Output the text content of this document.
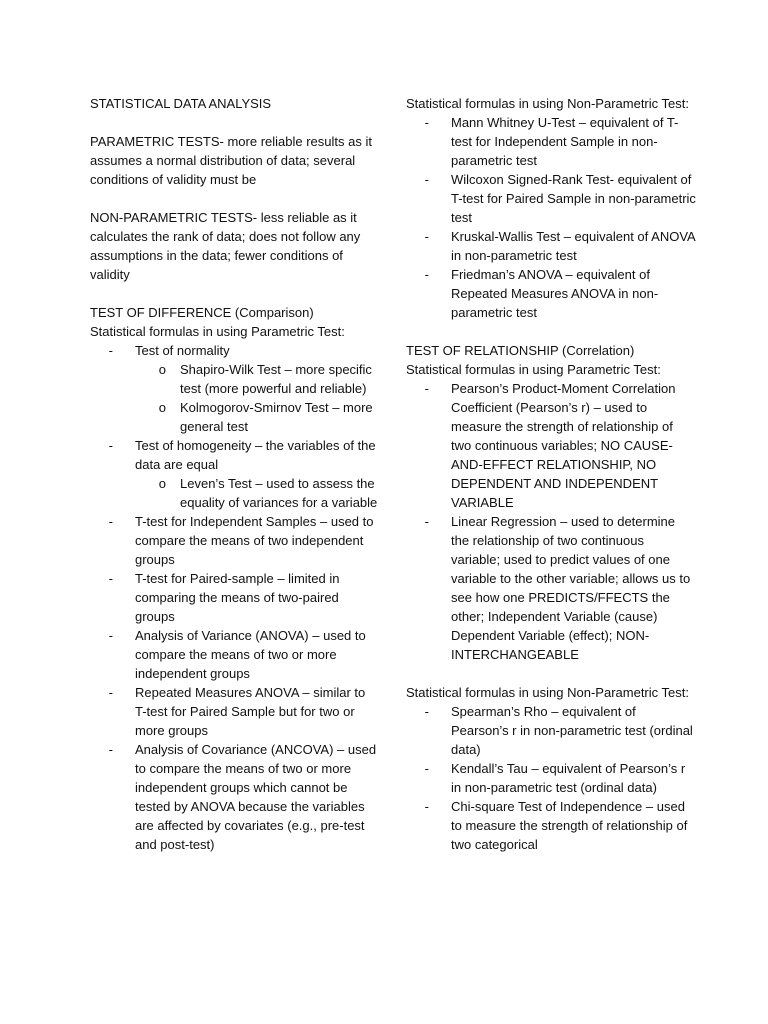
STATISTICAL DATA ANALYSIS

PARAMETRIC TESTS- more reliable results as it assumes a normal distribution of data; several conditions of validity must be

NON-PARAMETRIC TESTS- less reliable as it calculates the rank of data; does not follow any assumptions in the data; fewer conditions of validity

TEST OF DIFFERENCE (Comparison)

Statistical formulas in using Parametric Test:

-	Test of normality
o	Shapiro-Wilk Test – more specific test (more powerful and reliable)
o	Kolmogorov-Smirnov Test – more general test
-	Test of homogeneity – the variables of the data are equal
o	Leven’s Test – used to assess the equality of variances for a variable
-	T-test for Independent Samples – used to compare the means of two independent groups
-	T-test for Paired-sample – limited in comparing the means of two-paired groups
-	Analysis of Variance (ANOVA) – used to compare the means of two or more independent groups
-	Repeated Measures ANOVA – similar to T-test for Paired Sample but for two or more groups
-	Analysis of Covariance (ANCOVA) – used to compare the means of two or more independent groups which cannot be tested by ANOVA because the variables are affected by covariates (e.g., pre-test and post-test)

Statistical formulas in using Non-Parametric Test:

-	Mann Whitney U-Test – equivalent of T-test for Independent Sample in non-parametric test
-	Wilcoxon Signed-Rank Test- equivalent of T-test for Paired Sample in non-parametric test
-	Kruskal-Wallis Test – equivalent of ANOVA in non-parametric test
-	Friedman’s ANOVA – equivalent of Repeated Measures ANOVA in non-parametric test

TEST OF RELATIONSHIP (Correlation)

Statistical formulas in using Parametric Test:

-	Pearson’s Product-Moment Correlation Coefficient (Pearson’s r) – used to measure the strength of relationship of two continuous variables; NO CAUSE-AND-EFFECT RELATIONSHIP, NO DEPENDENT AND INDEPENDENT VARIABLE
-	Linear Regression – used to determine the relationship of two continuous variable; used to predict values of one variable to the other variable; allows us to see how one PREDICTS/FFECTS the other; Independent Variable (cause) Dependent Variable (effect); NON-INTERCHANGEABLE

Statistical formulas in using Non-Parametric Test:

-	Spearman’s Rho – equivalent of Pearson’s r in non-parametric test (ordinal data)
-	Kendall’s Tau – equivalent of Pearson’s r in non-parametric test (ordinal data)
-	Chi-square Test of Independence – used to measure the strength of relationship of two categorical
